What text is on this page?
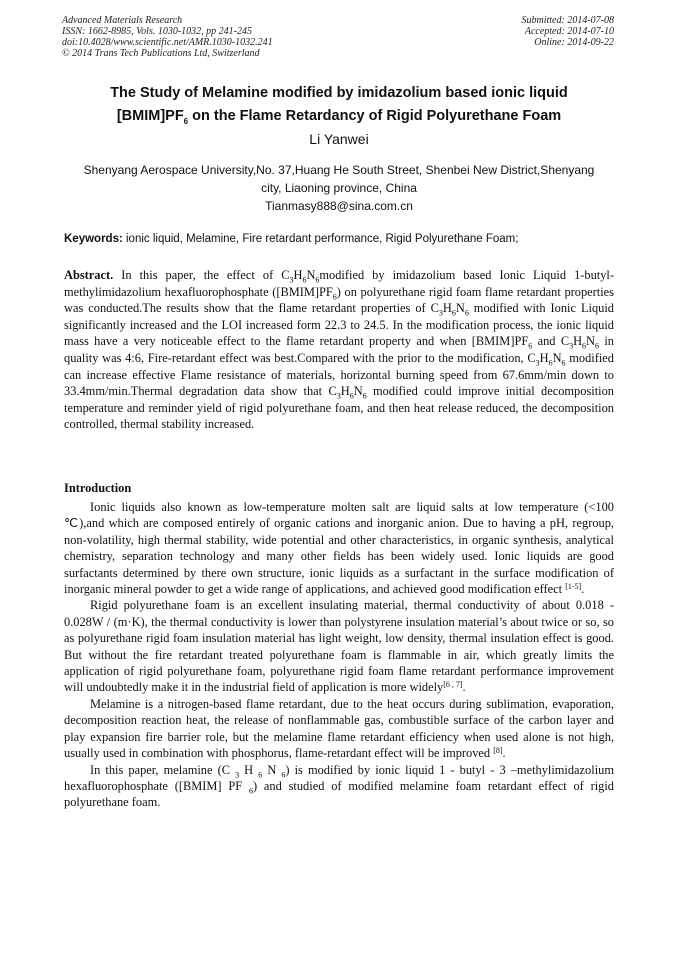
Advanced Materials Research
ISSN: 1662-8985, Vols. 1030-1032, pp 241-245
doi:10.4028/www.scientific.net/AMR.1030-1032.241
© 2014 Trans Tech Publications Ltd, Switzerland
Submitted: 2014-07-08
Accepted: 2014-07-10
Online: 2014-09-22
The Study of Melamine modified by imidazolium based ionic liquid
$[BMIM]PF_6$ on the Flame Retardancy of Rigid Polyurethane Foam
Li Yanwei
Shenyang Aerospace University,No. 37,Huang He South Street, Shenbei New District,Shenyang
city, Liaoning province, China
Tianmasy888@sina.com.cn
Keywords: ionic liquid, Melamine, Fire retardant performance, Rigid Polyurethane Foam;
Abstract. In this paper, the effect of $C_3H_6N_6modified$ by imidazolium based Ionic Liquid 1-butyl-methylimidazolium hexafluorophosphate $([BMIM]PF_6)$ on polyurethane rigid foam flame retardant properties was conducted.The results show that the flame retardant properties of $C_3H_6N_6$ modified with Ionic Liquid significantly increased and the LOI increased form 22.3 to 24.5. In the modification process, the ionic liquid mass have a very noticeable effect to the flame retardant property and when $[BMIM]PF_6$ and $C_3H_6N_6$ in quality was 4:6, Fire-retardant effect was best.Compared with the prior to the modification, $C_3H_6N_6$ modified can increase effective Flame resistance of materials, horizontal burning speed from 67.6mm/min down to 33.4mm/min.Thermal degradation data show that $C_3H_6N_6$ modified could improve initial decomposition temperature and reminder yield of rigid polyurethane foam, and then heat release reduced, the decomposition controlled, thermal stability increased.
Introduction

Ionic liquids also known as low-temperature molten salt are liquid salts at low temperature (<100 ℃),and which are composed entirely of organic cations and inorganic anion. Due to having a pH, regroup, non-volatility, high thermal stability, wide potential and other characteristics, in organic synthesis, analytical chemistry, separation technology and many other fields has been widely used. Ionic liquids are good surfactants determined by there own structure, ionic liquids as a surfactant in the surface modification of inorganic mineral powder to get a wide range of applications, and achieved good modification effect [1-5].

Rigid polyurethane foam is an excellent insulating material, thermal conductivity of about 0.018 - 0.028W / (m·K), the thermal conductivity is lower than polystyrene insulation material’s about twice or so, so as polyurethane rigid foam insulation material has light weight, low density, thermal insulation effect is good. But without the fire retardant treated polyurethane foam is flammable in air, which greatly limits the application of rigid polyurethane foam, polyurethane rigid foam flame retardant performance improvement will undoubtedly make it in the industrial field of application is more widely[6 , 7].

Melamine is a nitrogen-based flame retardant, due to the heat occurs during sublimation, evaporation, decomposition reaction heat, the release of nonflammable gas, combustible surface of the carbon layer and play expansion fire barrier role, but the melamine flame retardant efficiency when used alone is not high, usually used in combination with phosphorus, flame-retardant effect will be improved [8].

In this paper, melamine (C $_3$ H $_6$ N $_6$) is modified by ionic liquid 1 - butyl - 3 –methylimidazolium hexafluorophosphate ([BMIM] PF $_6$) and studied of modified melamine foam retardant effect of rigid polyurethane foam.
